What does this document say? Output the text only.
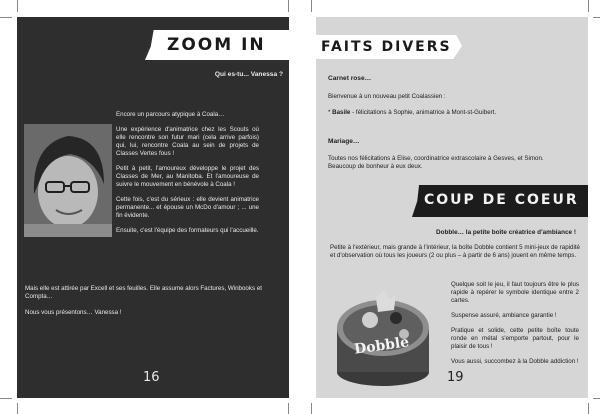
ZOOM IN
Qui es-tu... Vanessa ?

Encore un parcours atypique à Coala…

Une expérience d'animatrice chez les Scouts où elle rencontre son futur mari (cela arrive parfois) qui, lui, rencontre Coala au sein de projets de Classes Vertes fous !

Petit à petit, l'amoureux développe le projet des Classes de Mer, au Manitoba. Et l'amoureuse de suivre le mouvement en bénévole à Coala !

Cette fois, c'est du sérieux : elle devient animatrice permanente... et épouse un McDo d'amour ; ... une fin évidente.

Ensuite, c'est l'équipe des formateurs qui l'accueille.

Mais elle est attirée par Excell et ses feuilles. Elle assume alors Factures, Winbooks et Compta…

Nous vous présentons… Vanessa !

16
FAITS DIVERS
Carnet rose…
Bienvenue à un nouveau petit Coalassien :
* Basile - félicitations à Sophie, animatrice à Mont-st-Guibert.
Mariage…
Toutes nos félicitations à Elise, coordinatrice extrascolaire à Gesves, et Simon. Beaucoup de bonheur à eux deux.
COUP DE COEUR
Dobble… la petite boîte créatrice d'ambiance !
Petite à l'extérieur, mais grande à l'intérieur, la boîte Dobble contient 5 mini-jeux de rapidité et d'observation où tous les joueurs (2 ou plus – à partir de 6 ans) jouent en même temps.
Dobble

Quelque soit le jeu, il faut toujours être le plus rapide à repérer le symbole identique entre 2 cartes.

Suspense assuré, ambiance garantie !

Pratique et solide, cette petite boîte toute ronde en métal s'emporte partout, pour le plaisir de tous !

Vous aussi, succombez à la Dobble addiction !

19
